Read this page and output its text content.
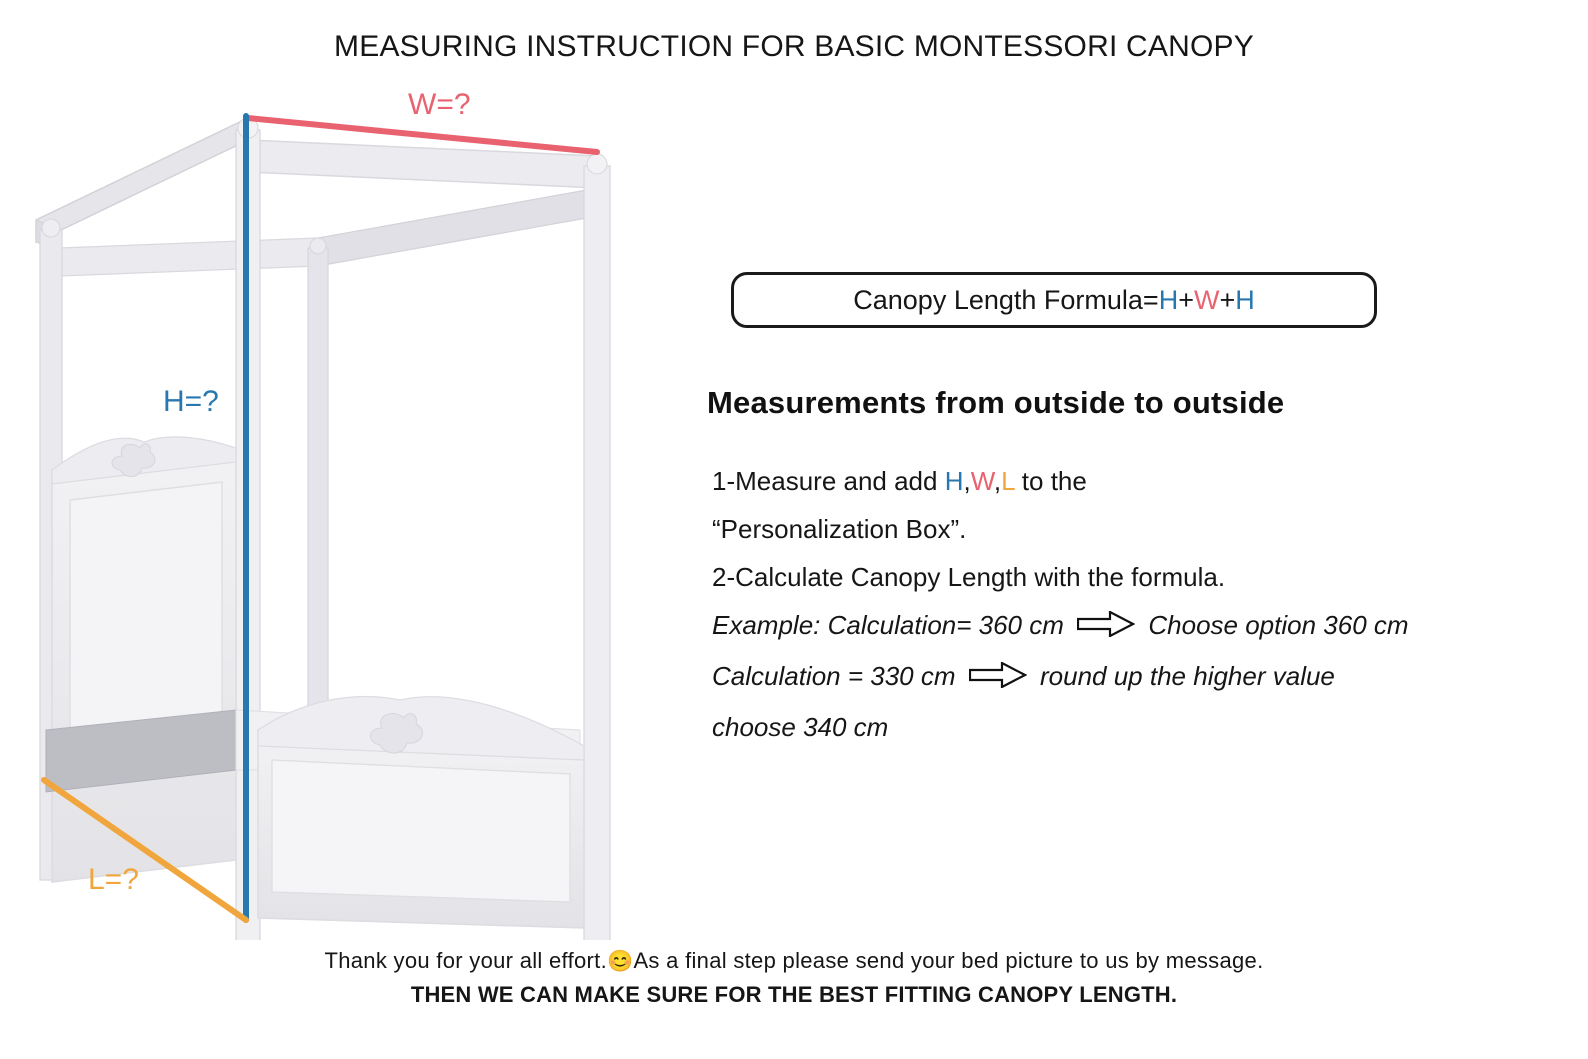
MEASURING INSTRUCTION FOR BASIC MONTESSORI CANOPY
W=?
H=?
L=?
Canopy Length Formula=H+W+H
Measurements from outside to outside
1-Measure and add H,W,L to the
“Personalization Box”.
2-Calculate Canopy Length with the formula.
Example: Calculation= 360 cm	Choose option 360 cm
Calculation = 330 cm	round up the higher value
choose 340 cm
Thank you for your all effort.😊As a final step please send your bed picture to us by message.
THEN WE CAN MAKE SURE FOR THE BEST FITTING CANOPY LENGTH.
